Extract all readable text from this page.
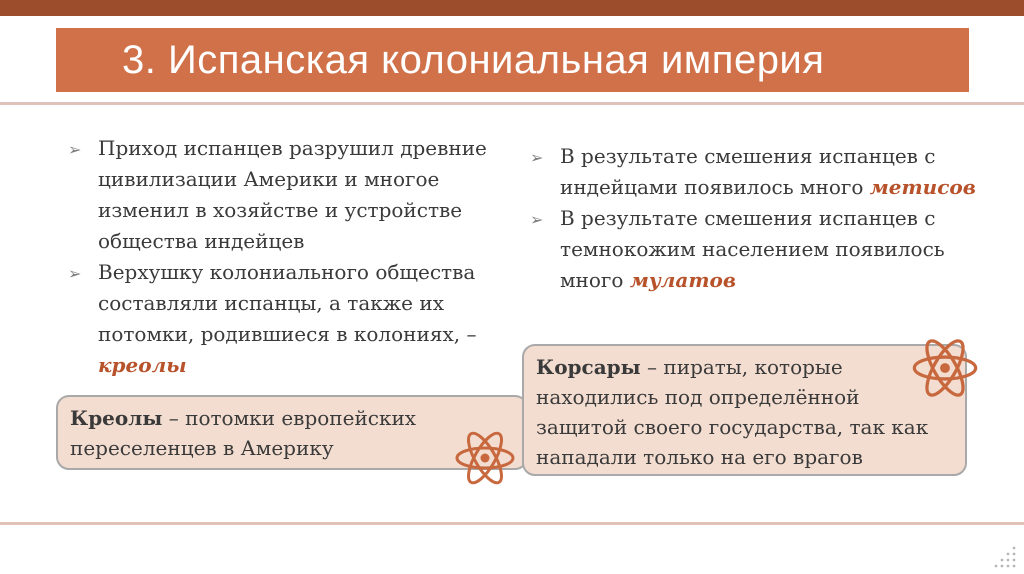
3. Испанская колониальная империя
➢ Приход испанцев разрушил древние цивилизации Америки и многое изменил в хозяйстве и устройстве общества индейцев
➢ Верхушку колониального общества составляли испанцы, а также их потомки, родившиеся в колониях, – креолы
➢ В результате смешения испанцев с индейцами появилось много метисов
➢ В результате смешения испанцев с темнокожим населением появилось много мулатов
Креолы – потомки европейских переселенцев в Америку
Корсары – пираты, которые находились под определённой защитой своего государства, так как нападали только на его врагов
